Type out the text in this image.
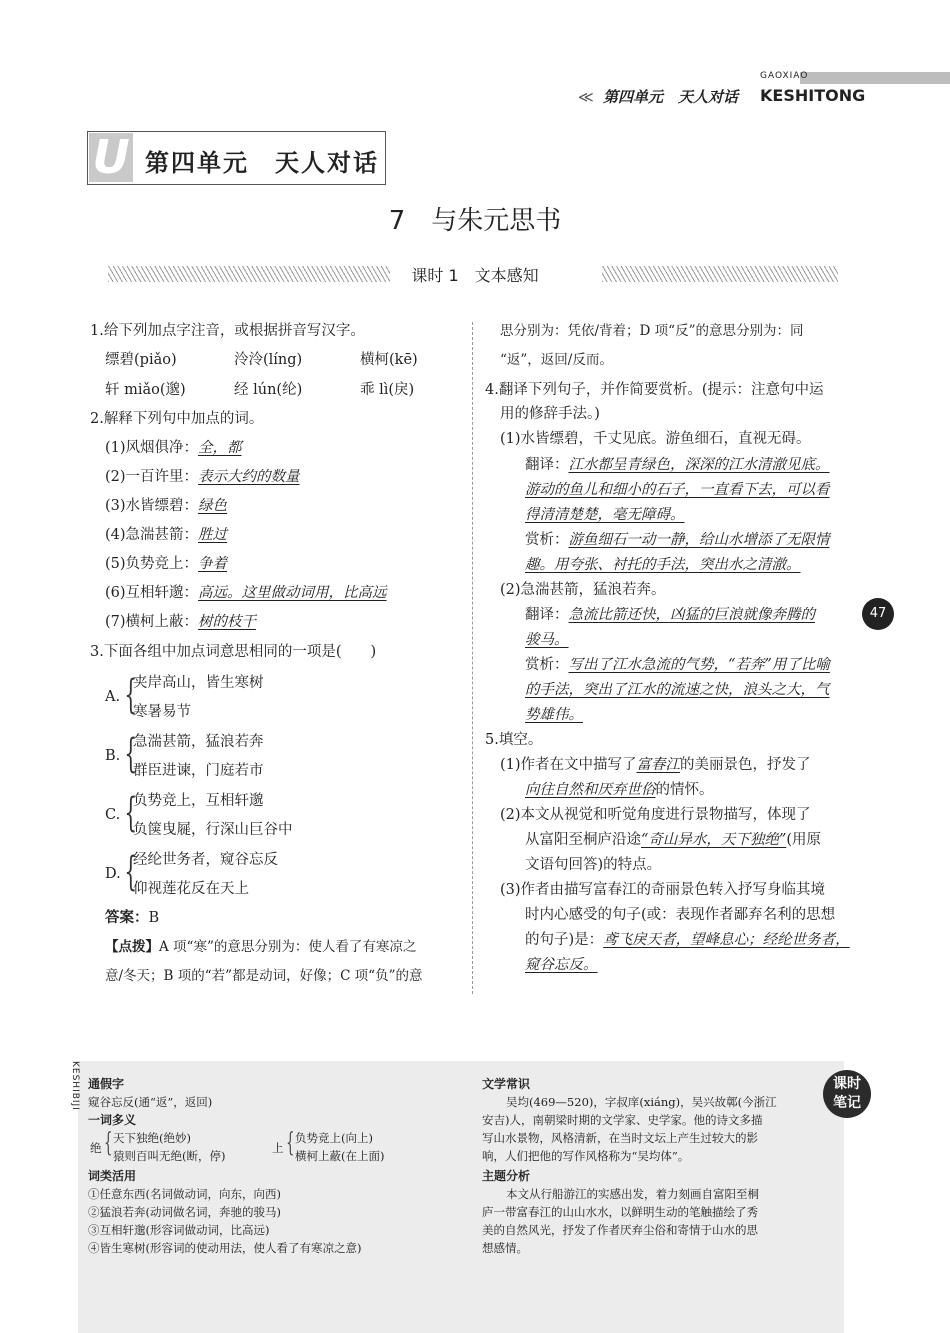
≪ 第四单元　天人对话
GAOXIAO
KESHITONG
U 第四单元　天人对话
7　与朱元思书
课时 1　文本感知
1.给下列加点字注音，或根据拼音写汉字。
缥碧(piǎo)	泠泠(líng)	横柯(kē)
轩 miǎo(邈)	经 lún(纶)	乖 lì(戾)
2.解释下列句中加点的词。
(1)风烟俱净：全，都
(2)一百许里：表示大约的数量
(3)水皆缥碧：绿色
(4)急湍甚箭：胜过
(5)负势竞上：争着
(6)互相轩邈：高远。这里做动词用，比高远
(7)横柯上蔽：树的枝干
3.下面各组中加点词意思相同的一项是(　　)
A. {
夹岸高山，皆生寒树
寒暑易节
B. {
急湍甚箭，猛浪若奔
群臣进谏，门庭若市
C. {
负势竞上，互相轩邈
负箧曳屣，行深山巨谷中
D. {
经纶世务者，窥谷忘反
仰视莲花反在天上
答案：B
【点拨】A 项“寒”的意思分别为：使人看了有寒凉之
意/冬天；B 项的“若”都是动词，好像；C 项“负”的意
思分别为：凭依/背着；D 项“反”的意思分别为：同
“返”，返回/反而。
4.翻译下列句子，并作简要赏析。(提示：注意句中运
用的修辞手法。)
(1)水皆缥碧，千丈见底。游鱼细石，直视无碍。
翻译：江水都呈青绿色，深深的江水清澈见底。
游动的鱼儿和细小的石子，一直看下去，可以看
得清清楚楚，毫无障碍。
赏析：游鱼细石一动一静，给山水增添了无限情
趣。用夸张、衬托的手法，突出水之清澈。
(2)急湍甚箭，猛浪若奔。
翻译：急流比箭还快，凶猛的巨浪就像奔腾的
骏马。
赏析：写出了江水急流的气势，“若奔”用了比喻
的手法，突出了江水的流速之快，浪头之大，气
势雄伟。
47
5.填空。
(1)作者在文中描写了富春江的美丽景色，抒发了
向往自然和厌弃世俗的情怀。
(2)本文从视觉和听觉角度进行景物描写，体现了
从富阳至桐庐沿途“奇山异水，天下独绝”(用原
文语句回答)的特点。
(3)作者由描写富春江的奇丽景色转入抒写身临其境
时内心感受的句子(或：表现作者鄙弃名利的思想
的句子)是：鸢飞戾天者，望峰息心；经纶世务者，
窥谷忘反。
KESHIBIJI	课时
笔记
通假字
窥谷忘反(通“返”，返回)
一词多义
绝 { 天下独绝(绝妙)
猿则百叫无绝(断，停)
上 { 负势竞上(向上)
横柯上蔽(在上面)
词类活用
①任意东西(名词做动词，向东，向西)
②猛浪若奔(动词做名词，奔驰的骏马)
③互相轩邈(形容词做动词，比高远)
④皆生寒树(形容词的使动用法，使人看了有寒凉之意)
文学常识
吴均(469—520)，字叔庠(xiáng)，吴兴故鄣(今浙江
安吉)人，南朝梁时期的文学家、史学家。他的诗文多描
写山水景物，风格清新，在当时文坛上产生过较大的影
响，人们把他的写作风格称为“吴均体”。
主题分析
本文从行船游江的实感出发，着力刻画自富阳至桐
庐一带富春江的山山水水，以鲜明生动的笔触描绘了秀
美的自然风光，抒发了作者厌弃尘俗和寄情于山水的思
想感情。
